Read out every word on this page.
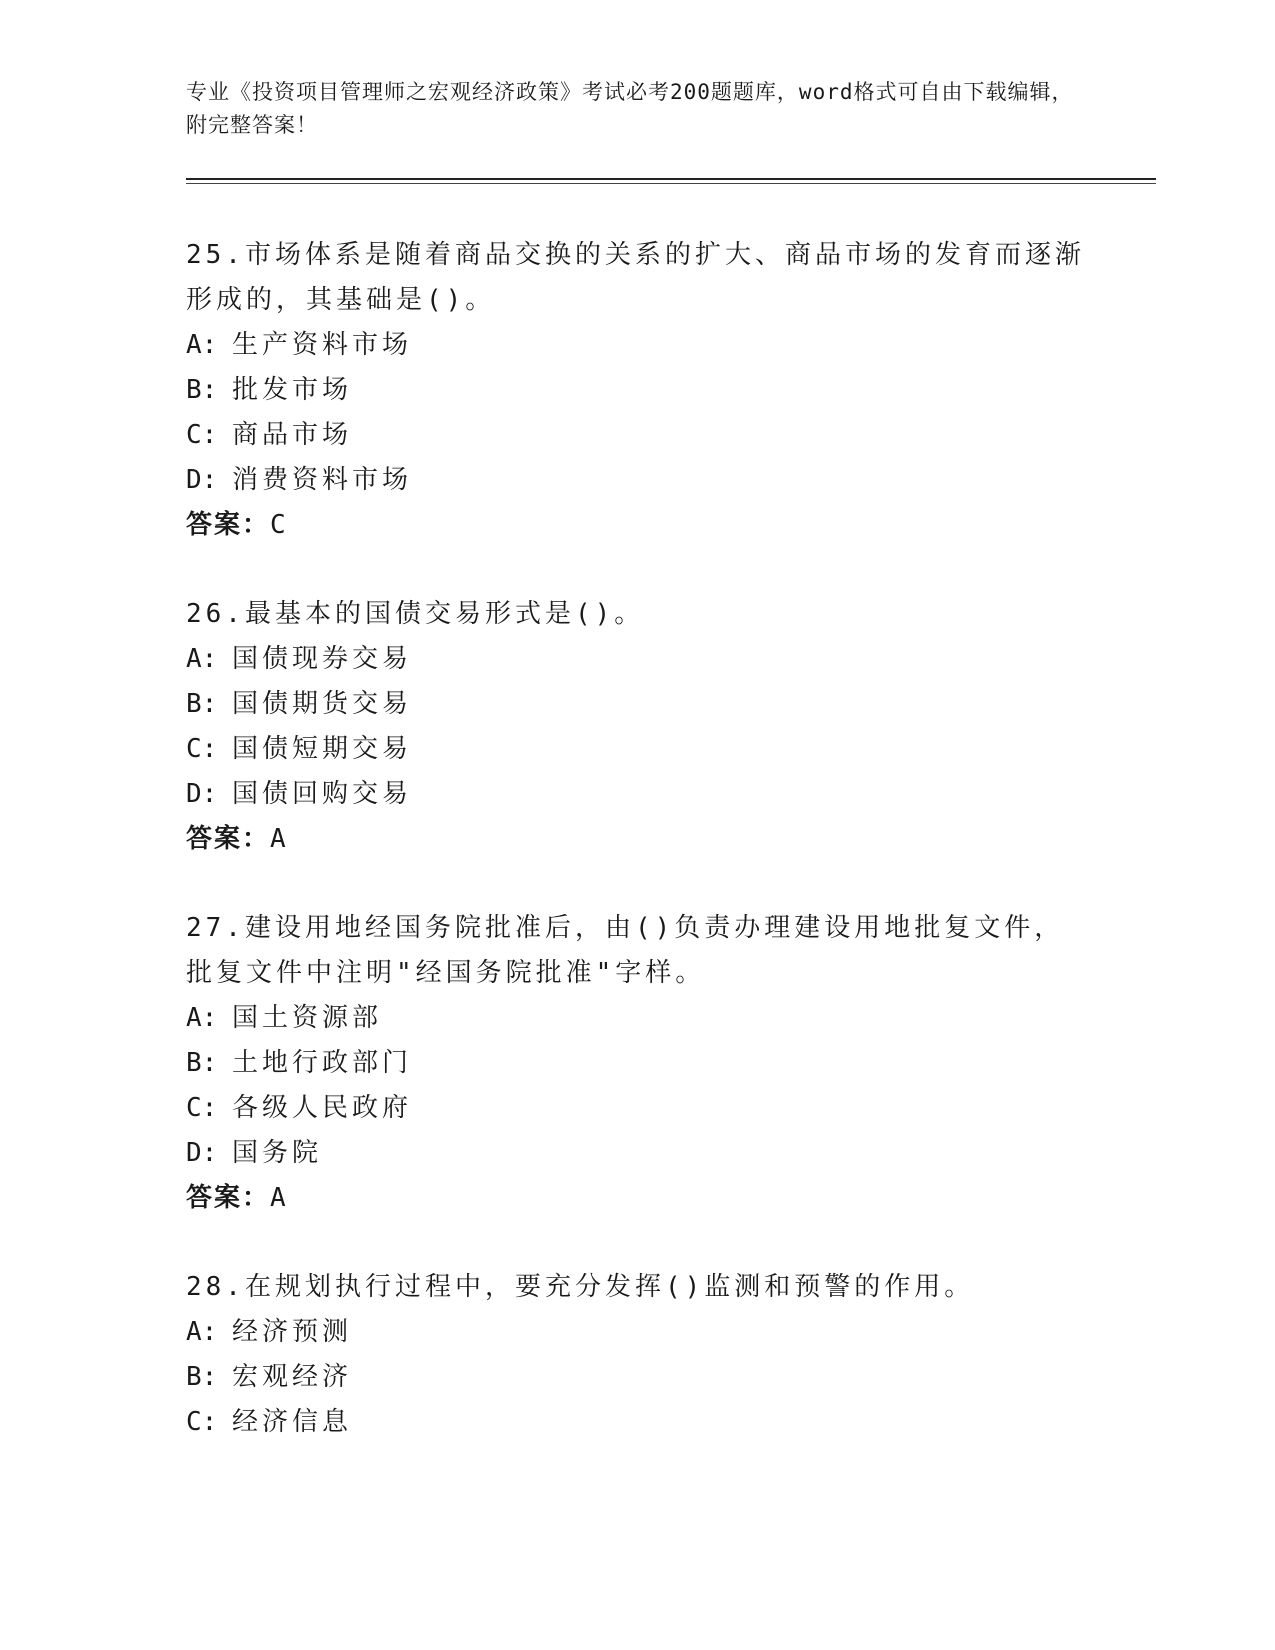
专业《投资项目管理师之宏观经济政策》考试必考200题题库，word格式可自由下载编辑，附完整答案！
25.市场体系是随着商品交换的关系的扩大、商品市场的发育而逐渐形成的，其基础是()。
A: 生产资料市场
B: 批发市场
C: 商品市场
D: 消费资料市场
答案：C
26.最基本的国债交易形式是()。
A: 国债现券交易
B: 国债期货交易
C: 国债短期交易
D: 国债回购交易
答案：A
27.建设用地经国务院批准后，由()负责办理建设用地批复文件，批复文件中注明"经国务院批准"字样。
A: 国土资源部
B: 土地行政部门
C: 各级人民政府
D: 国务院
答案：A
28.在规划执行过程中，要充分发挥()监测和预警的作用。
A: 经济预测
B: 宏观经济
C: 经济信息
